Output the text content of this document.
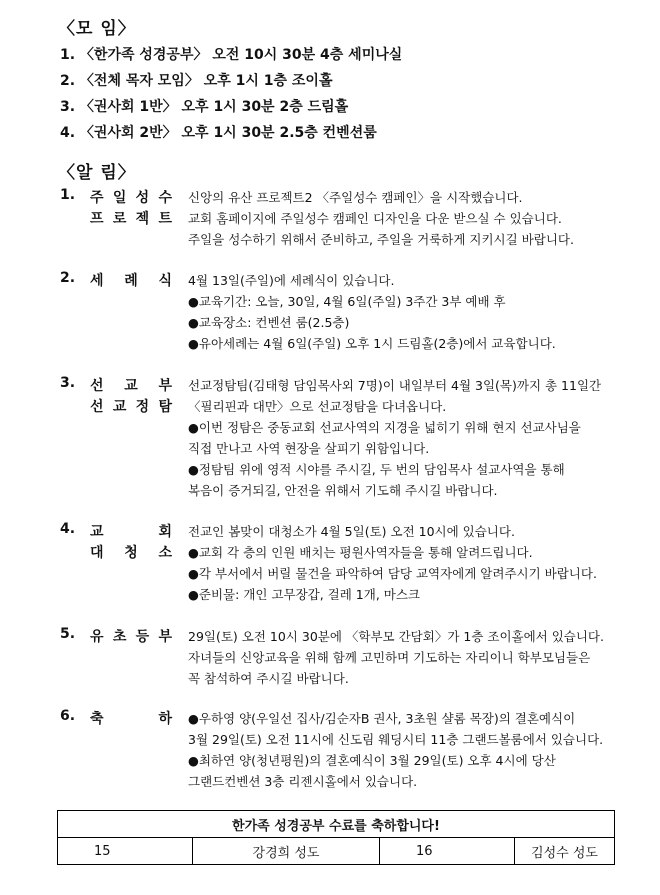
〈모 임〉
1. 〈한가족 성경공부〉 오전 10시 30분 4층 세미나실
2. 〈전체 목자 모임〉 오후 1시 1층 조이홀
3. 〈권사회 1반〉 오후 1시 30분 2층 드림홀
4. 〈권사회 2반〉 오후 1시 30분 2.5층 컨벤션룸
〈알 림〉
1. 주 일 성 수
프 로 젝 트
신앙의 유산 프로젝트2 〈주일성수 캠페인〉을 시작했습니다.
교회 홈페이지에 주일성수 캠페인 디자인을 다운 받으실 수 있습니다.
주일을 성수하기 위해서 준비하고, 주일을 거룩하게 지키시길 바랍니다.
2. 세 례 식 4월 13일(주일)에 세례식이 있습니다.
●교육기간: 오늘, 30일, 4월 6일(주일) 3주간 3부 예배 후
●교육장소: 컨벤션 룸(2.5층)
●유아세례는 4월 6일(주일) 오후 1시 드림홀(2층)에서 교육합니다.
3. 선 교 부
선 교 정 탐
선교정탐팀(김태형 담임목사외 7명)이 내일부터 4월 3일(목)까지 총 11일간
〈필리핀과 대만〉으로 선교정탐을 다녀옵니다.
●이번 정탐은 중동교회 선교사역의 지경을 넓히기 위해 현지 선교사님을
직접 만나고 사역 현장을 살피기 위함입니다.
●정탐팀 위에 영적 시야를 주시길, 두 번의 담임목사 설교사역을 통해
복음이 증거되길, 안전을 위해서 기도해 주시길 바랍니다.
4. 교	회
대 청 소
전교인 봄맞이 대청소가 4월 5일(토) 오전 10시에 있습니다.
●교회 각 층의 인원 배치는 평원사역자들을 통해 알려드립니다.
●각 부서에서 버릴 물건을 파악하여 담당 교역자에게 알려주시기 바랍니다.
●준비물: 개인 고무장갑, 걸레 1개, 마스크
5. 유 초 등 부 29일(토) 오전 10시 30분에 〈학부모 간담회〉가 1층 조이홀에서 있습니다.
자녀들의 신앙교육을 위해 함께 고민하며 기도하는 자리이니 학부모님들은
꼭 참석하여 주시길 바랍니다.
6. 축	하 ●우하영 양(우일선 집사/김순자B 권사, 3초원 샬롬 목장)의 결혼예식이
3월 29일(토) 오전 11시에 신도림 웨딩시티 11층 그랜드볼룸에서 있습니다.
●최하연 양(청년평원)의 결혼예식이 3월 29일(토) 오후 4시에 당산
그랜드컨벤션 3층 리젠시홀에서 있습니다.
한가족 성경공부 수료를 축하합니다!
15	강경희 성도	16	김성수 성도
